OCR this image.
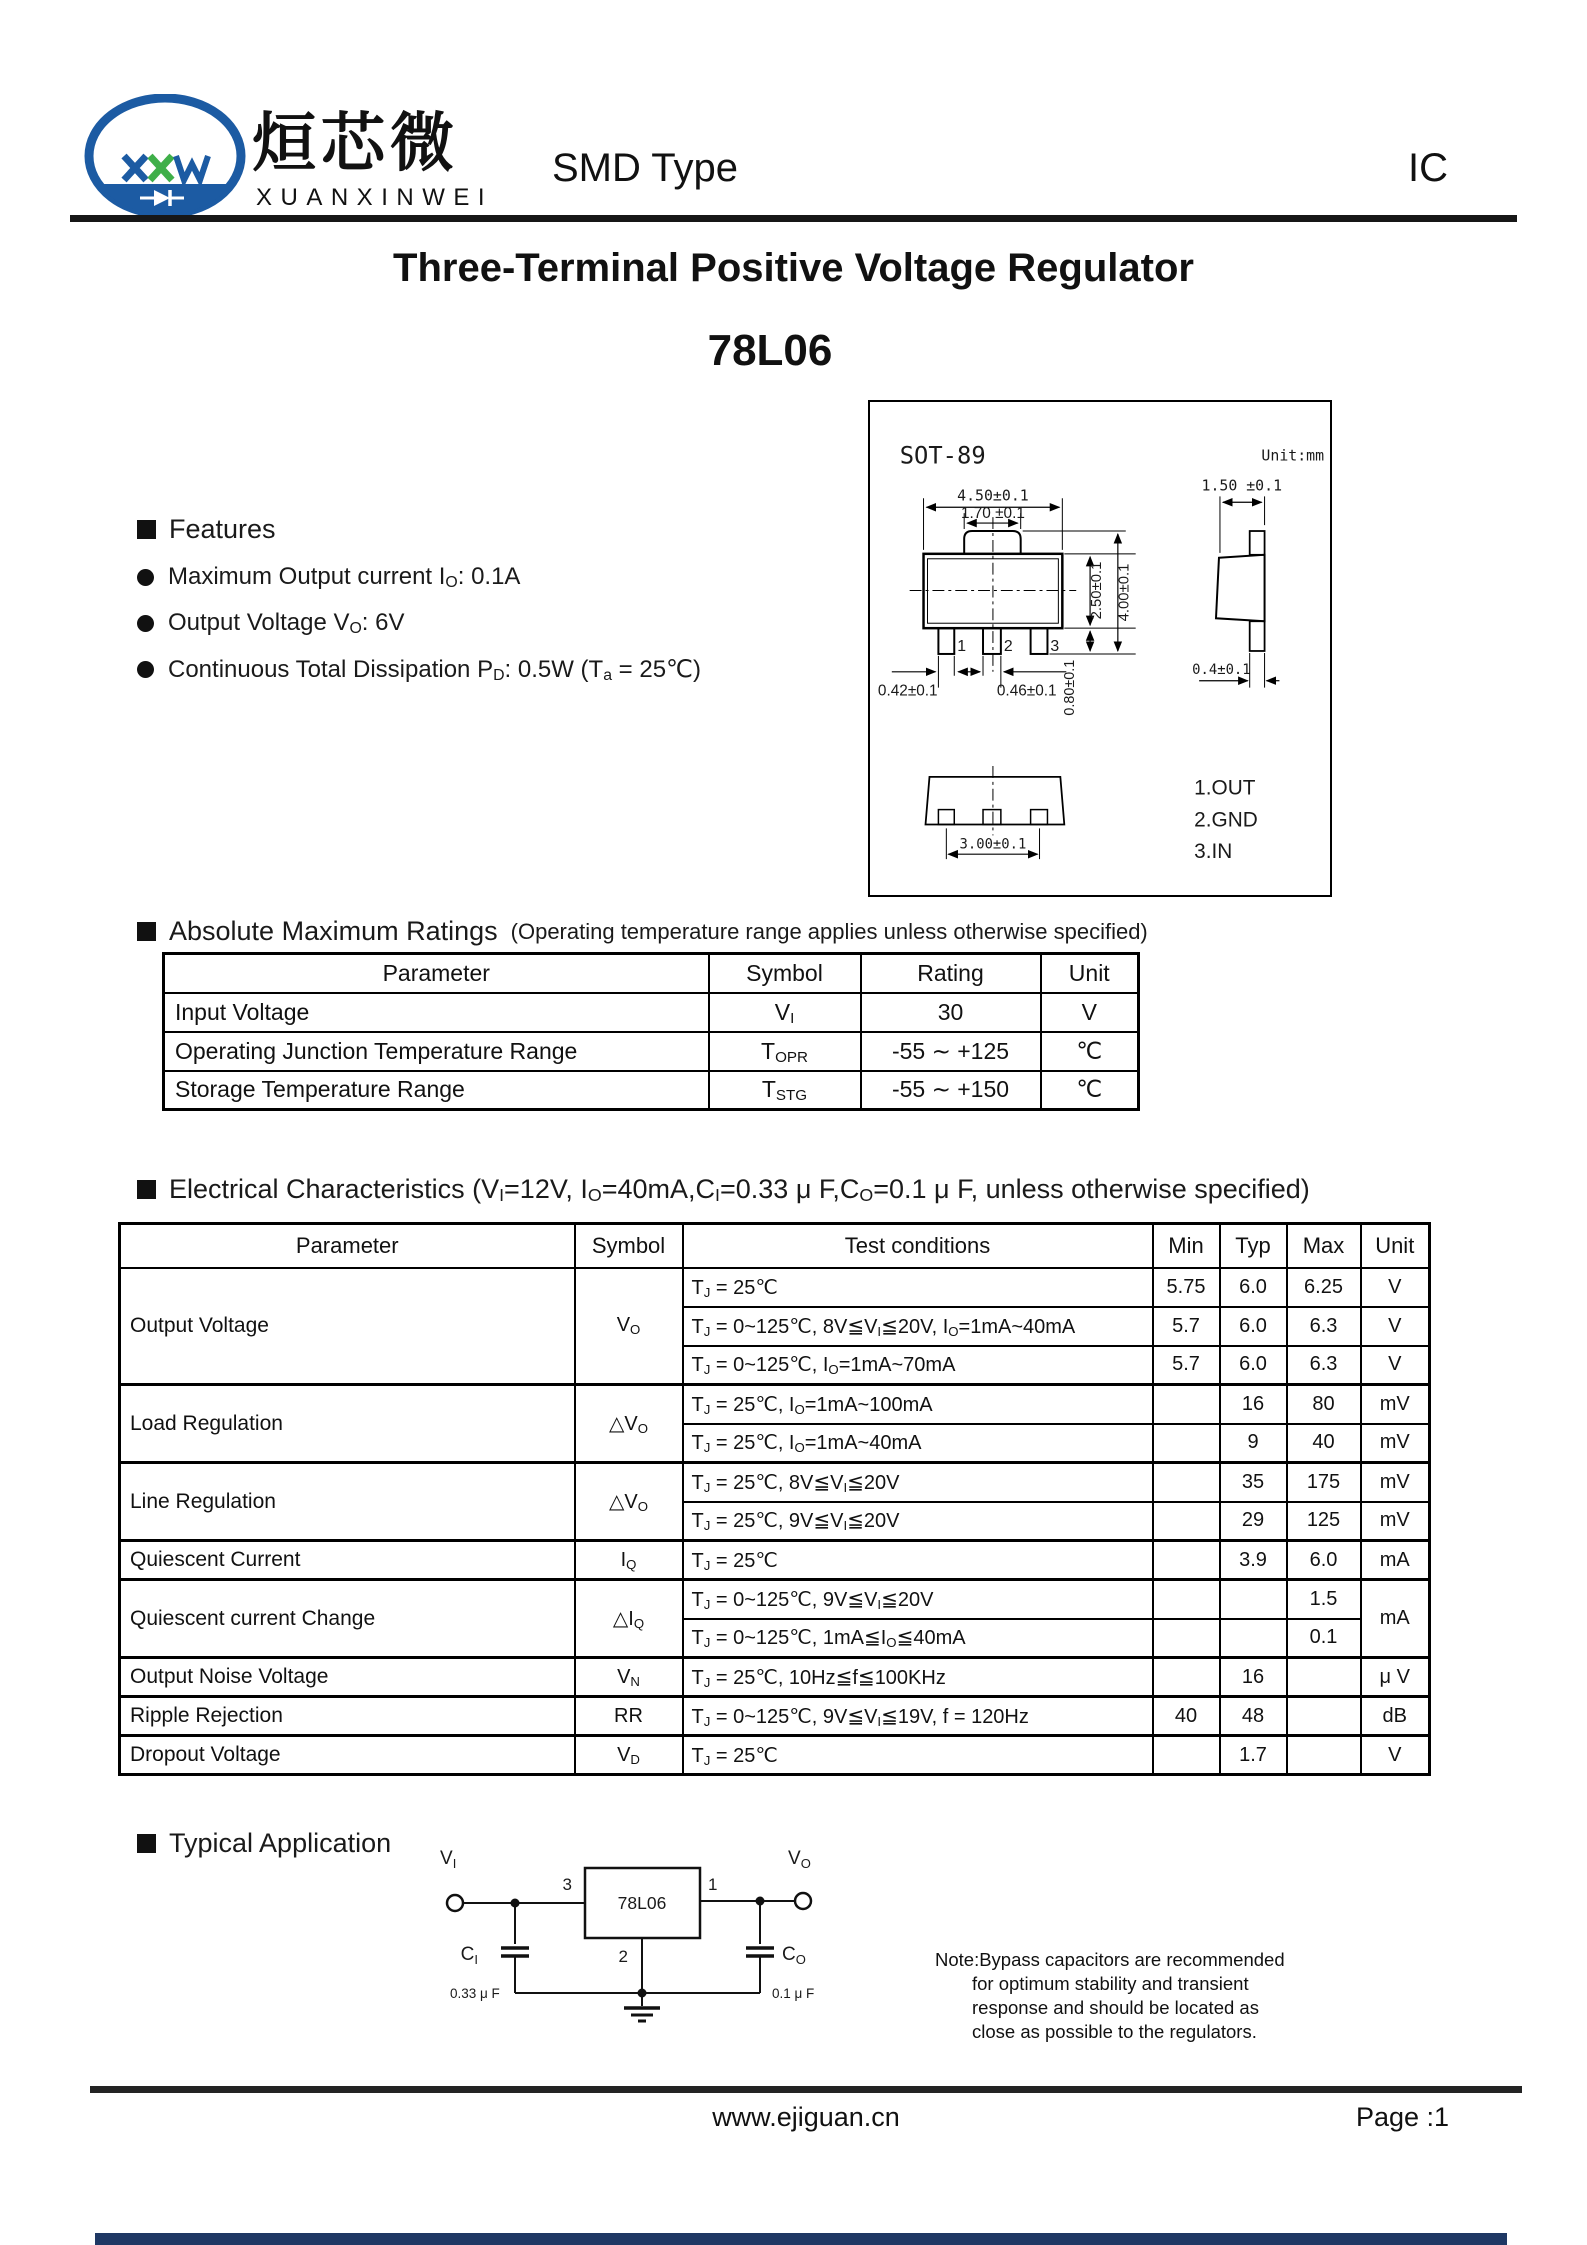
烜芯微
XUANXINWEI
SMD Type	IC
Three-Terminal Positive Voltage Regulator
78L06
Features
Maximum Output current IO: 0.1A
Output Voltage VO: 6V
Continuous Total Dissipation PD: 0.5W (Ta = 25℃)
SOT-89	Unit:mm
4.50±0.1
1.70 ±0.1
2.50±0.1 4.00±0.1
0.80±0.1
0.42±0.1	0.46±0.1
1.50 ±0.1
0.4±0.1
3.00±0.1
1 2 3
1.OUT
2.GND
3.IN
Absolute Maximum Ratings (Operating temperature range applies unless otherwise specified)
Parameter	Symbol	Rating	Unit
Input Voltage	VI	30	V
Operating Junction Temperature Range	TOPR	-55 ∼ +125	℃
Storage Temperature Range	TSTG	-55 ∼ +150	℃
Electrical Characteristics (VI=12V, IO=40mA,CI=0.33 μ F,CO=0.1 μ F, unless otherwise specified)
Parameter	Symbol	Test conditions	Min	Typ	Max	Unit
Output Voltage	VO	TJ = 25℃	5.75	6.0	6.25	V
		TJ = 0~125℃, 8V≦VI≦20V, IO=1mA~40mA	5.7	6.0	6.3	V
		TJ = 0~125℃, IO=1mA~70mA	5.7	6.0	6.3	V
Load Regulation	△VO	TJ = 25℃, IO=1mA~100mA		16	80	mV
		TJ = 25℃, IO=1mA~40mA		9	40	mV
Line Regulation	△VO	TJ = 25℃, 8V≦VI≦20V		35	175	mV
		TJ = 25℃, 9V≦VI≦20V		29	125	mV
Quiescent Current	IQ	TJ = 25℃		3.9	6.0	mA
Quiescent current Change	△IQ	TJ = 0~125℃, 9V≦VI≦20V			1.5	mA
		TJ = 0~125℃, 1mA≦IO≦40mA			0.1	
Output Noise Voltage	VN	TJ = 25℃, 10Hz≦f≦100KHz		16		μ V
Ripple Rejection	RR	TJ = 0~125℃, 9V≦VI≦19V, f = 120Hz	40	48		dB
Dropout Voltage	VD	TJ = 25℃		1.7		V
Typical Application
$V_I$	$V_O$
78L06
3	1
2
$C_I$
0.33 μ F
$C_O$
0.1 μ F
Note:Bypass capacitors are recommended
for optimum stability and transient
response and should be located as
close as possible to the regulators.
www.ejiguan.cn	Page :1
